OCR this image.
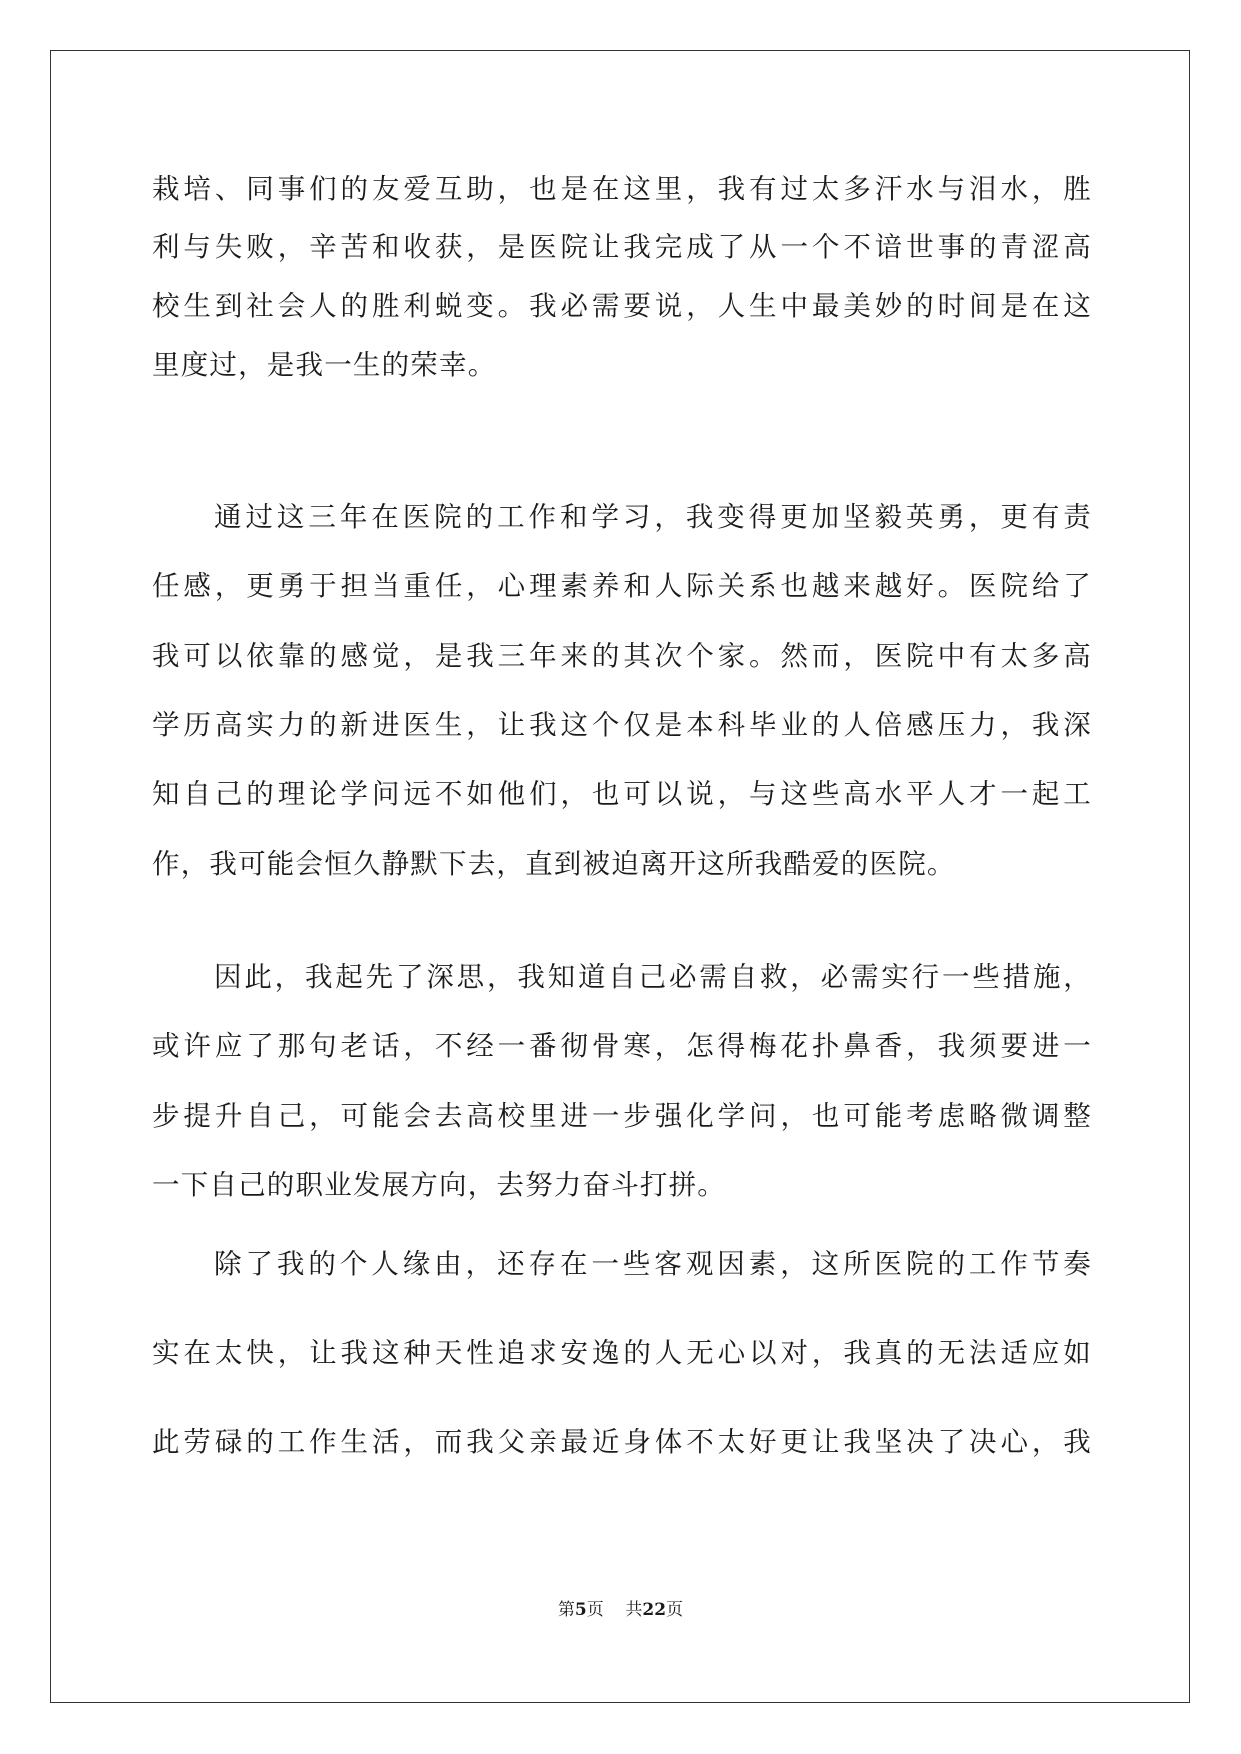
栽培、同事们的友爱互助，也是在这里，我有过太多汗水与泪水，胜
利与失败，辛苦和收获，是医院让我完成了从一个不谙世事的青涩高
校生到社会人的胜利蜕变。我必需要说，人生中最美妙的时间是在这
里度过，是我一生的荣幸。
通过这三年在医院的工作和学习，我变得更加坚毅英勇，更有责
任感，更勇于担当重任，心理素养和人际关系也越来越好。医院给了
我可以依靠的感觉，是我三年来的其次个家。然而，医院中有太多高
学历高实力的新进医生，让我这个仅是本科毕业的人倍感压力，我深
知自己的理论学问远不如他们，也可以说，与这些高水平人才一起工
作，我可能会恒久静默下去，直到被迫离开这所我酷爱的医院。
因此，我起先了深思，我知道自己必需自救，必需实行一些措施，
或许应了那句老话，不经一番彻骨寒，怎得梅花扑鼻香，我须要进一
步提升自己，可能会去高校里进一步强化学问，也可能考虑略微调整
一下自己的职业发展方向，去努力奋斗打拼。
除了我的个人缘由，还存在一些客观因素，这所医院的工作节奏
实在太快，让我这种天性追求安逸的人无心以对，我真的无法适应如
此劳碌的工作生活，而我父亲最近身体不太好更让我坚决了决心，我
第5页 共22页
